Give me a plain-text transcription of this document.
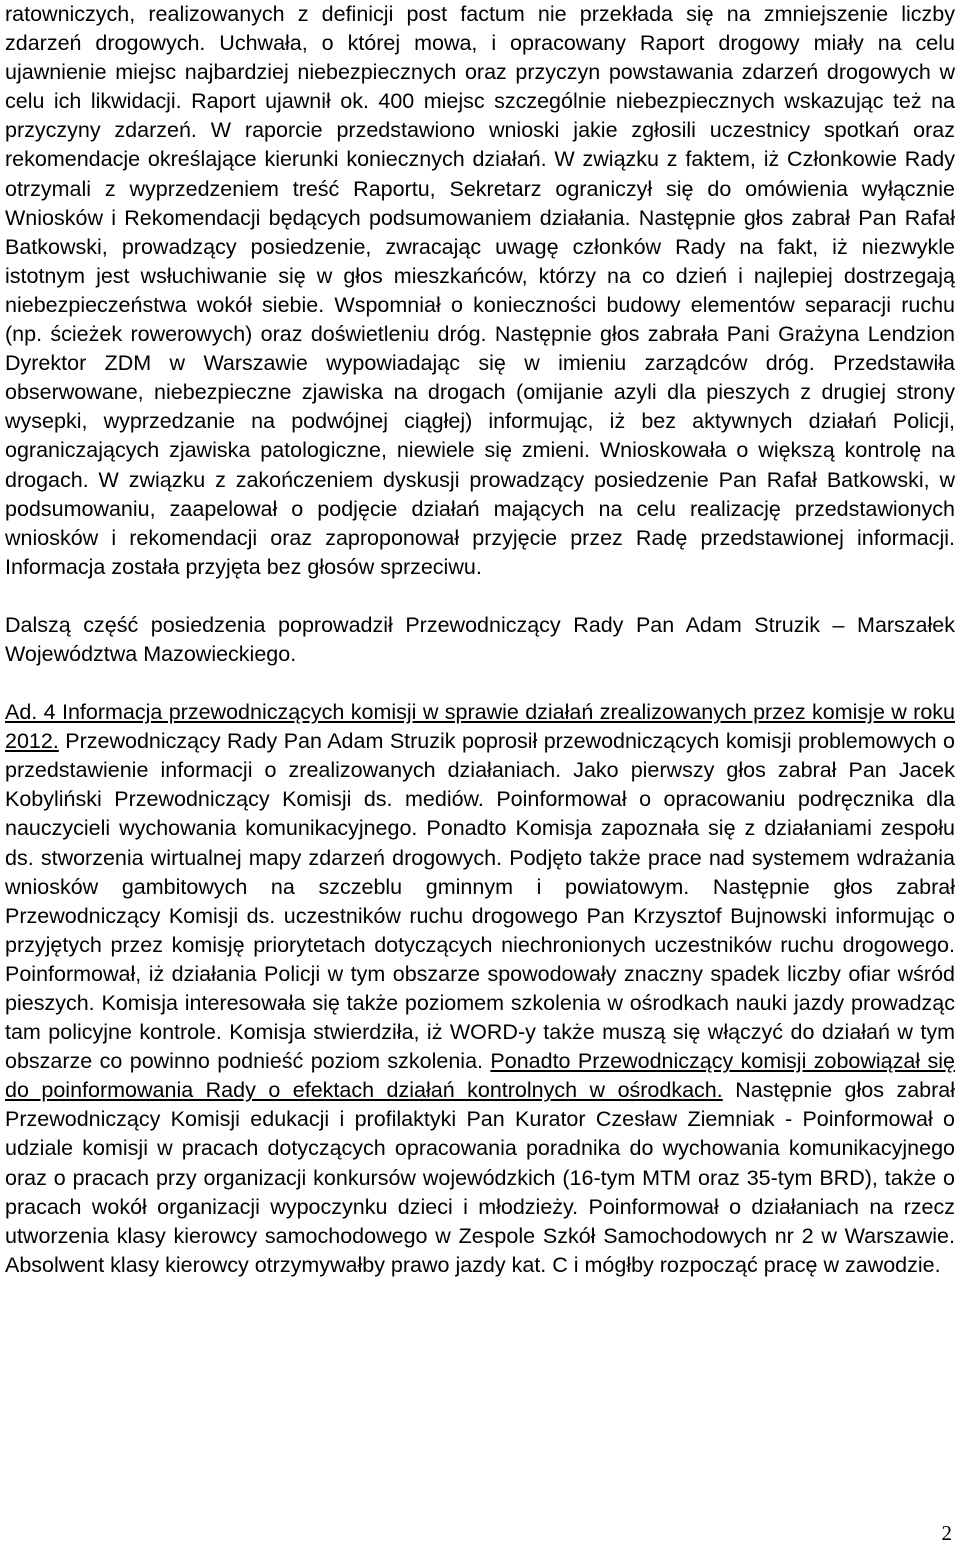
ratowniczych, realizowanych z definicji post factum nie przekłada się na zmniejszenie liczby zdarzeń drogowych. Uchwała, o której mowa, i opracowany Raport drogowy miały na celu ujawnienie miejsc najbardziej niebezpiecznych oraz przyczyn powstawania zdarzeń drogowych w celu ich likwidacji. Raport ujawnił ok. 400 miejsc szczególnie niebezpiecznych wskazując też na przyczyny zdarzeń. W raporcie przedstawiono wnioski jakie zgłosili uczestnicy spotkań oraz rekomendacje określające kierunki koniecznych działań. W związku z faktem, iż Członkowie Rady otrzymali z wyprzedzeniem treść Raportu, Sekretarz ograniczył się do omówienia wyłącznie Wniosków i Rekomendacji będących podsumowaniem działania. Następnie głos zabrał Pan Rafał Batkowski, prowadzący posiedzenie, zwracając uwagę członków Rady na fakt, iż niezwykle istotnym jest wsłuchiwanie się w głos mieszkańców, którzy na co dzień i najlepiej dostrzegają niebezpieczeństwa wokół siebie. Wspomniał o konieczności budowy elementów separacji ruchu (np. ścieżek rowerowych) oraz doświetleniu dróg. Następnie głos zabrała Pani Grażyna Lendzion Dyrektor ZDM w Warszawie wypowiadając się w imieniu zarządców dróg. Przedstawiła obserwowane, niebezpieczne zjawiska na drogach (omijanie azyli dla pieszych z drugiej strony wysepki, wyprzedzanie na podwójnej ciągłej) informując, iż bez aktywnych działań Policji, ograniczających zjawiska patologiczne, niewiele się zmieni. Wnioskowała o większą kontrolę na drogach. W związku z zakończeniem dyskusji prowadzący posiedzenie Pan Rafał Batkowski, w podsumowaniu, zaapelował o podjęcie działań mających na celu realizację przedstawionych wniosków i rekomendacji oraz zaproponował przyjęcie przez Radę przedstawionej informacji. Informacja została przyjęta bez głosów sprzeciwu.

Dalszą część posiedzenia poprowadził Przewodniczący Rady Pan Adam Struzik – Marszałek Województwa Mazowieckiego.

Ad. 4 Informacja przewodniczących komisji w sprawie działań zrealizowanych przez komisje w roku 2012. Przewodniczący Rady Pan Adam Struzik poprosił przewodniczących komisji problemowych o przedstawienie informacji o zrealizowanych działaniach. Jako pierwszy głos zabrał Pan Jacek Kobyliński Przewodniczący Komisji ds. mediów. Poinformował o opracowaniu podręcznika dla nauczycieli wychowania komunikacyjnego. Ponadto Komisja zapoznała się z działaniami zespołu ds. stworzenia wirtualnej mapy zdarzeń drogowych. Podjęto także prace nad systemem wdrażania wniosków gambitowych na szczeblu gminnym i powiatowym. Następnie głos zabrał Przewodniczący Komisji ds. uczestników ruchu drogowego Pan Krzysztof Bujnowski informując o przyjętych przez komisję priorytetach dotyczących niechronionych uczestników ruchu drogowego. Poinformował, iż działania Policji w tym obszarze spowodowały znaczny spadek liczby ofiar wśród pieszych. Komisja interesowała się także poziomem szkolenia w ośrodkach nauki jazdy prowadząc tam policyjne kontrole. Komisja stwierdziła, iż WORD-y także muszą się włączyć do działań w tym obszarze co powinno podnieść poziom szkolenia. Ponadto Przewodniczący komisji zobowiązał się do poinformowania Rady o efektach działań kontrolnych w ośrodkach. Następnie głos zabrał Przewodniczący Komisji edukacji i profilaktyki Pan Kurator Czesław Ziemniak - Poinformował o udziale komisji w pracach dotyczących opracowania poradnika do wychowania komunikacyjnego oraz o pracach przy organizacji konkursów wojewódzkich (16-tym MTM oraz 35-tym BRD), także o pracach wokół organizacji wypoczynku dzieci i młodzieży. Poinformował o działaniach na rzecz utworzenia klasy kierowcy samochodowego w Zespole Szkół Samochodowych nr 2 w Warszawie. Absolwent klasy kierowcy otrzymywałby prawo jazdy kat. C i mógłby rozpocząć pracę w zawodzie.

2
